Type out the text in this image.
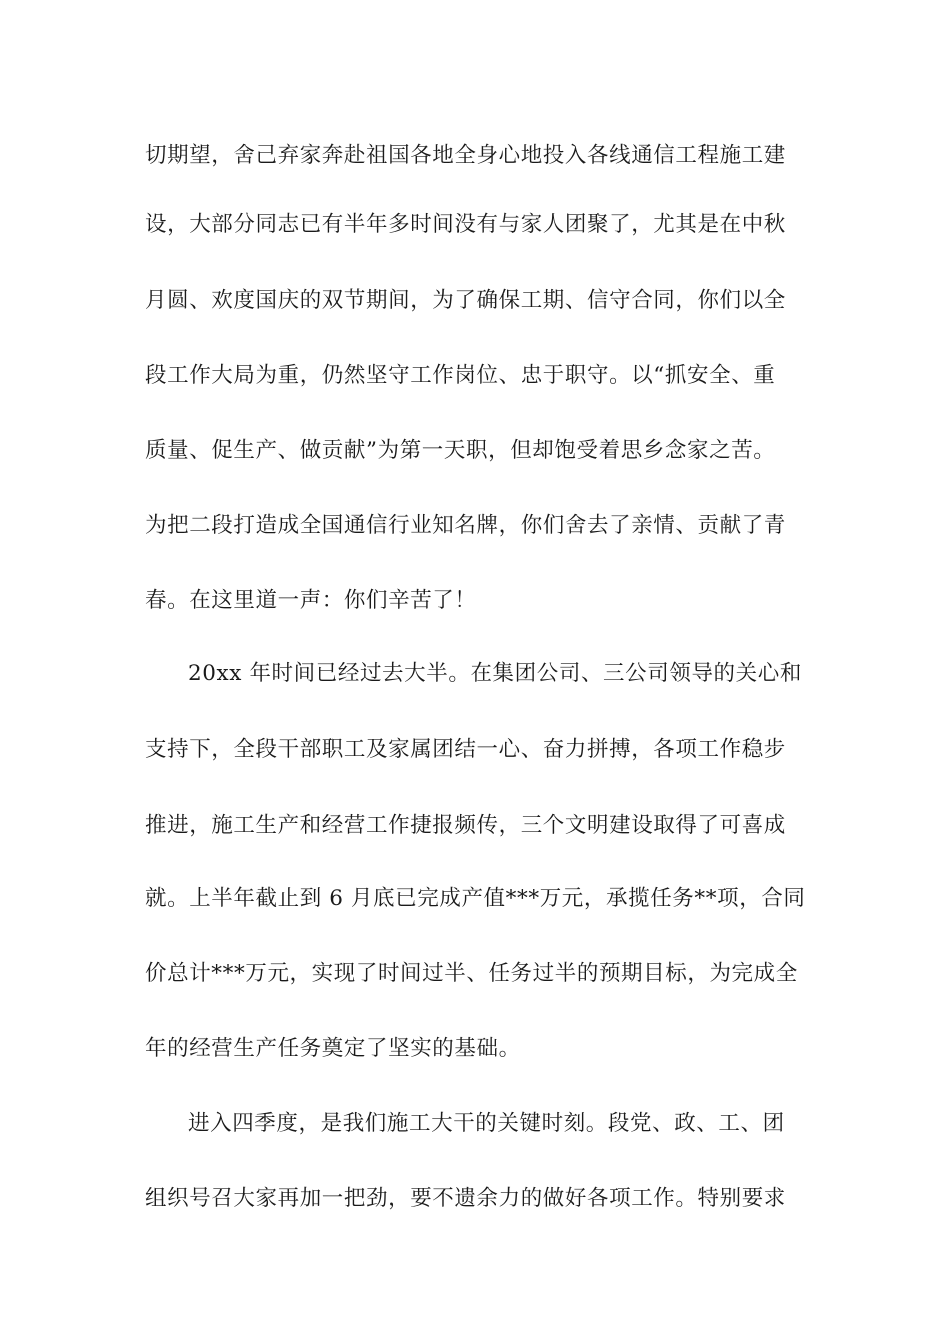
切期望，舍己弃家奔赴祖国各地全身心地投入各线通信工程施工建
设，大部分同志已有半年多时间没有与家人团聚了，尤其是在中秋
月圆、欢度国庆的双节期间，为了确保工期、信守合同，你们以全
段工作大局为重，仍然坚守工作岗位、忠于职守。以“抓安全、重
质量、促生产、做贡献”为第一天职，但却饱受着思乡念家之苦。
为把二段打造成全国通信行业知名牌，你们舍去了亲情、贡献了青
春。在这里道一声：你们辛苦了！
20xx 年时间已经过去大半。在集团公司、三公司领导的关心和
支持下，全段干部职工及家属团结一心、奋力拼搏，各项工作稳步
推进，施工生产和经营工作捷报频传，三个文明建设取得了可喜成
就。上半年截止到 6 月底已完成产值***万元，承揽任务**项，合同
价总计***万元，实现了时间过半、任务过半的预期目标，为完成全
年的经营生产任务奠定了坚实的基础。
进入四季度，是我们施工大干的关键时刻。段党、政、工、团
组织号召大家再加一把劲，要不遗余力的做好各项工作。特别要求
